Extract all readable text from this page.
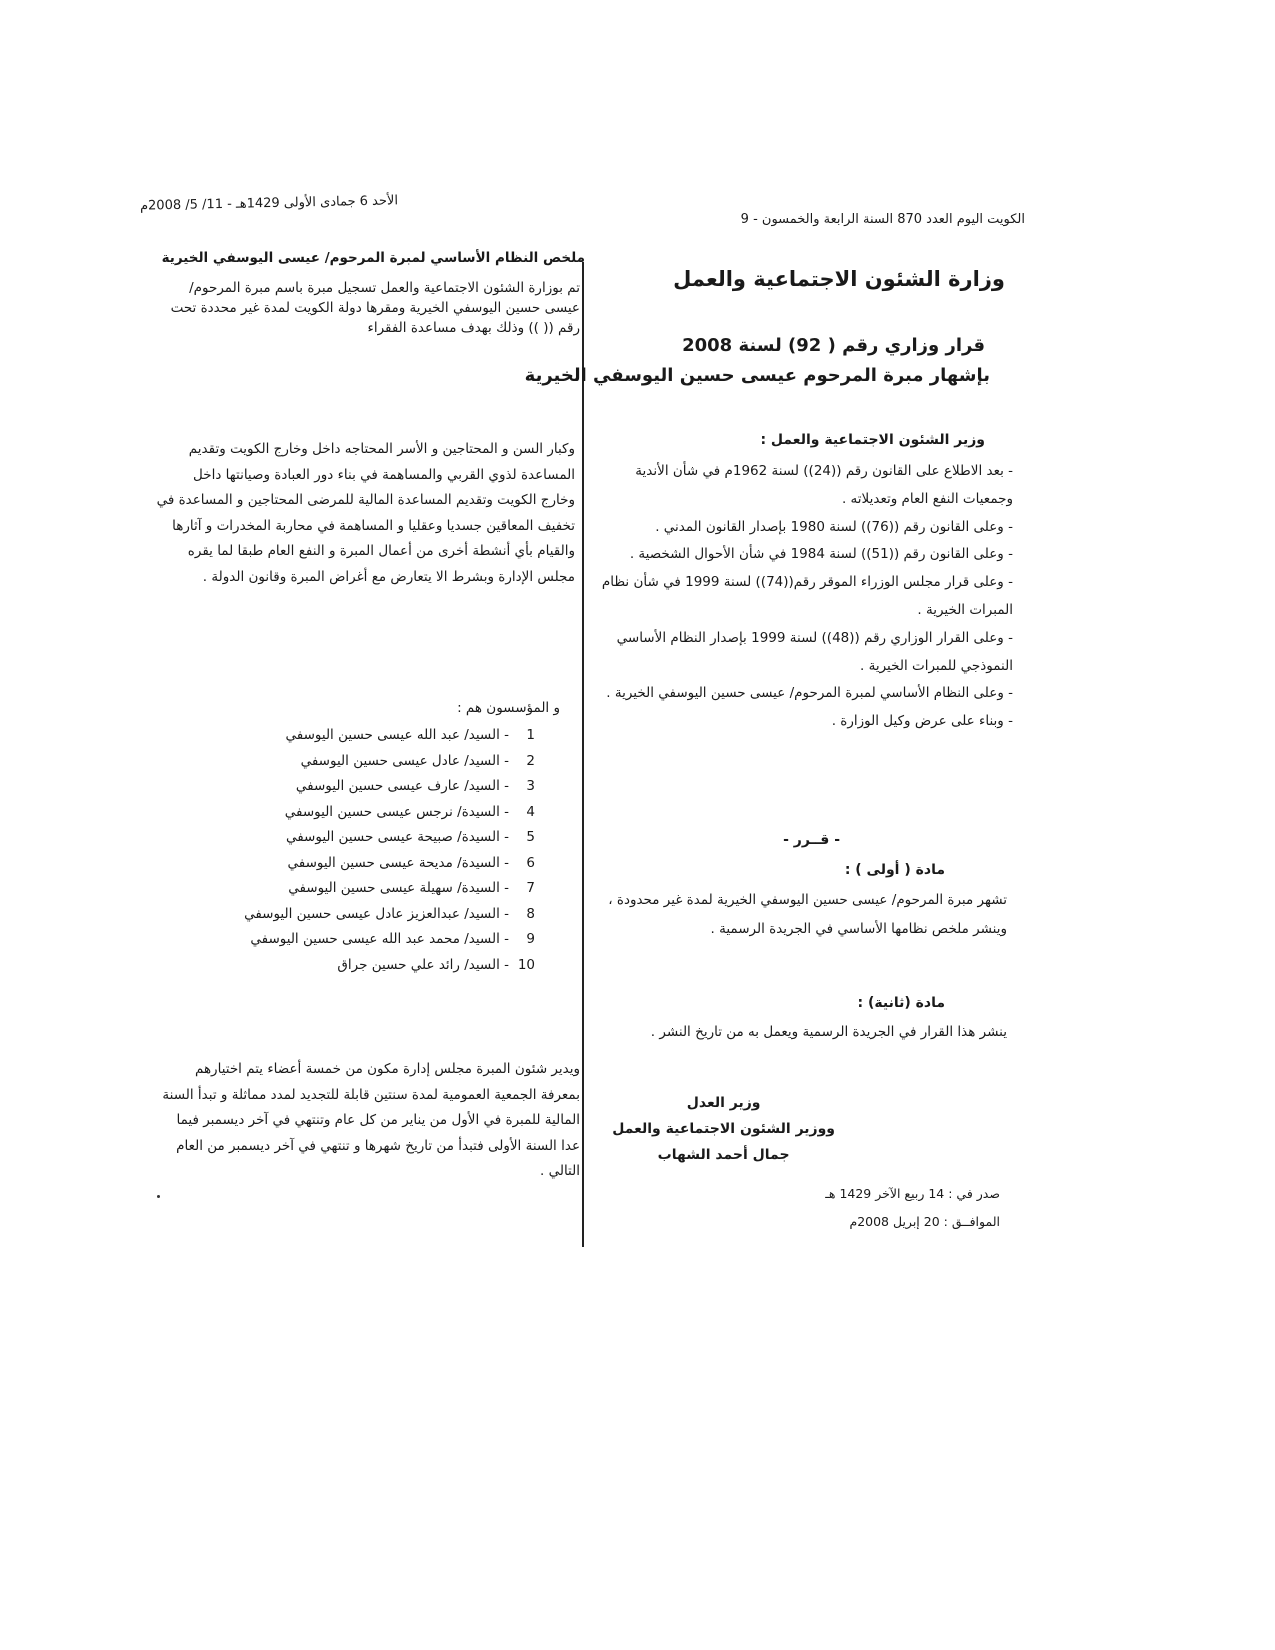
الكويت اليوم العدد 870 السنة الرابعة والخمسون - 9
الأحد 6 جمادى الأولى 1429هـ - 11/ 5/ 2008م
وزارة الشئون الاجتماعية والعمل
قرار وزاري رقم ( 92) لسنة 2008
بإشهار مبرة المرحوم عيسى حسين اليوسفي الخيرية
وزير الشئون الاجتماعية والعمل :

- بعد الاطلاع على القانون رقم ((24)) لسنة 1962م في شأن الأندية وجمعيات النفع العام وتعديلاته .

- وعلى القانون رقم ((76)) لسنة 1980 بإصدار القانون المدني .

- وعلى القانون رقم ((51)) لسنة 1984 في شأن الأحوال الشخصية .

- وعلى قرار مجلس الوزراء الموقر رقم((74)) لسنة 1999 في شأن نظام المبرات الخيرية .

- وعلى القرار الوزاري رقم ((48)) لسنة 1999 بإصدار النظام الأساسي النموذجي للمبرات الخيرية .

- وعلى النظام الأساسي لمبرة المرحوم/ عيسى حسين اليوسفي الخيرية .

- وبناء على عرض وكيل الوزارة .

- قــرر -
مادة ( أولى ) :
تشهر مبرة المرحوم/ عيسى حسين اليوسفي الخيرية لمدة غير محدودة ، وينشر ملخص نظامها الأساسي في الجريدة الرسمية .
مادة (ثانية) :
ينشر هذا القرار في الجريدة الرسمية ويعمل به من تاريخ النشر .
وزير العدل
ووزير الشئون الاجتماعية والعمل
جمال أحمد الشهاب
صدر في : 14 ربيع الآخر 1429 هـ
الموافــق : 20 إبريل 2008م
ملخص النظام الأساسي لمبرة المرحوم/ عيسى اليوسفي الخيرية
تم بوزارة الشئون الاجتماعية والعمل تسجيل مبرة باسم مبرة المرحوم/ عيسى حسين اليوسفي الخيرية ومقرها دولة الكويت لمدة غير محددة تحت رقم (( )) وذلك بهدف مساعدة الفقراء
وكبار السن و المحتاجين و الأسر المحتاجه داخل وخارج الكويت وتقديم المساعدة لذوي القربي والمساهمة في بناء دور العبادة وصيانتها داخل وخارج الكويت وتقديم المساعدة المالية للمرضى المحتاجين و المساعدة في تخفيف المعاقين جسديا وعقليا و المساهمة في محاربة المخدرات و آثارها والقيام بأي أنشطة أخرى من أعمال المبرة و النفع العام طبقا لما يقره مجلس الإدارة وبشرط الا يتعارض مع أغراض المبرة وقانون الدولة .
و المؤسسون هم :
1- السيد/ عبد الله عيسى حسين اليوسفي
2- السيد/ عادل عيسى حسين اليوسفي
3- السيد/ عارف عيسى حسين اليوسفي
4- السيدة/ نرجس عيسى حسين اليوسفي
5- السيدة/ صبيحة عيسى حسين اليوسفي
6- السيدة/ مديحة عيسى حسين اليوسفي
7- السيدة/ سهيلة عيسى حسين اليوسفي
8- السيد/ عبدالعزيز عادل عيسى حسين اليوسفي
9- السيد/ محمد عبد الله عيسى حسين اليوسفي
10- السيد/ رائد علي حسين جراق
ويدير شئون المبرة مجلس إدارة مكون من خمسة أعضاء يتم اختيارهم بمعرفة الجمعية العمومية لمدة سنتين قابلة للتجديد لمدد مماثلة و تبدأ السنة المالية للمبرة في الأول من يناير من كل عام وتنتهي في آخر ديسمبر فيما عدا السنة الأولى فتبدأ من تاريخ شهرها و تنتهي في آخر ديسمبر من العام التالي .
